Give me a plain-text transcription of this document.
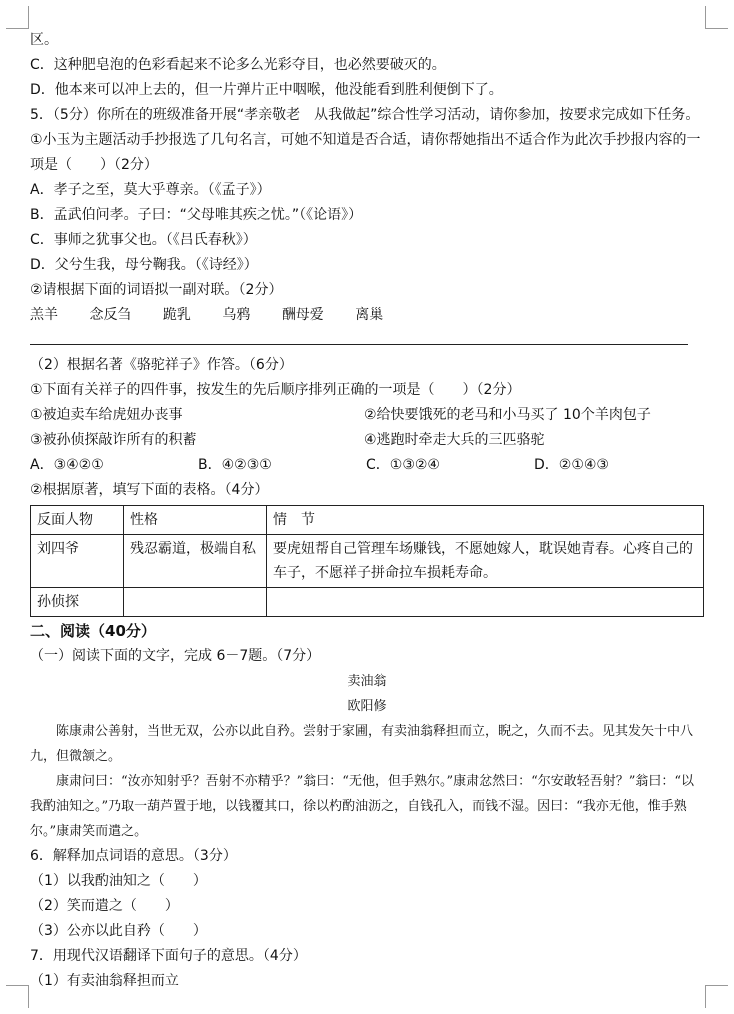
区。
C．这种肥皂泡的色彩看起来不论多么光彩夺目，也必然要破灭的。
D．他本来可以冲上去的，但一片弹片正中咽喉，他没能看到胜利便倒下了。
5．（5分）你所在的班级准备开展“孝亲敬老　从我做起”综合性学习活动，请你参加，按要求完成如下任务。
①小玉为主题活动手抄报选了几句名言，可她不知道是否合适，请你帮她指出不适合作为此次手抄报内容的一
项是（　　）（2分）
A．孝子之至，莫大乎尊亲。（《孟子》）
B．孟武伯问孝。子曰：“父母唯其疾之忧。”（《论语》）
C．事师之犹事父也。（《吕氏春秋》）
D．父兮生我，母兮鞠我。（《诗经》）
②请根据下面的词语拟一副对联。（2分）
羔羊 念反刍 跪乳 乌鸦 酬母爱 离巢
（2）根据名著《骆驼祥子》作答。（6分）
①下面有关祥子的四件事，按发生的先后顺序排列正确的一项是（　　）（2分）
①被迫卖车给虎妞办丧事	②给快要饿死的老马和小马买了 10个羊肉包子
③被孙侦探敲诈所有的积蓄	④逃跑时牵走大兵的三匹骆驼
A．③④②①	B．④②③①	C．①③②④	D．②①④③
②根据原著，填写下面的表格。（4分）
反面人物	性格	情　节
刘四爷	残忍霸道，极端自私	要虎妞帮自己管理车场赚钱，不愿她嫁人，耽误她青春。心疼自己的车子，不愿祥子拼命拉车损耗寿命。
孙侦探		
二、阅读（40分）
（一）阅读下面的文字，完成 6－7题。（7分）
卖油翁
欧阳修
陈康肃公善射，当世无双，公亦以此自矜。尝射于家圃，有卖油翁释担而立，睨之，久而不去。见其发矢十中八九，但微颔之。
康肃问曰：“汝亦知射乎？吾射不亦精乎？”翁曰：“无他，但手熟尔。”康肃忿然曰：“尔安敢轻吾射？”翁曰：“以我酌油知之。”乃取一葫芦置于地，以钱覆其口，徐以杓酌油沥之，自钱孔入，而钱不湿。因曰：“我亦无他，惟手熟尔。”康肃笑而遣之。
6．解释加点词语的意思。（3分）
（1）以我酌油知之（　　）
（2）笑而遣之（　　）
（3）公亦以此自矜（　　）
7．用现代汉语翻译下面句子的意思。（4分）
（1）有卖油翁释担而立
